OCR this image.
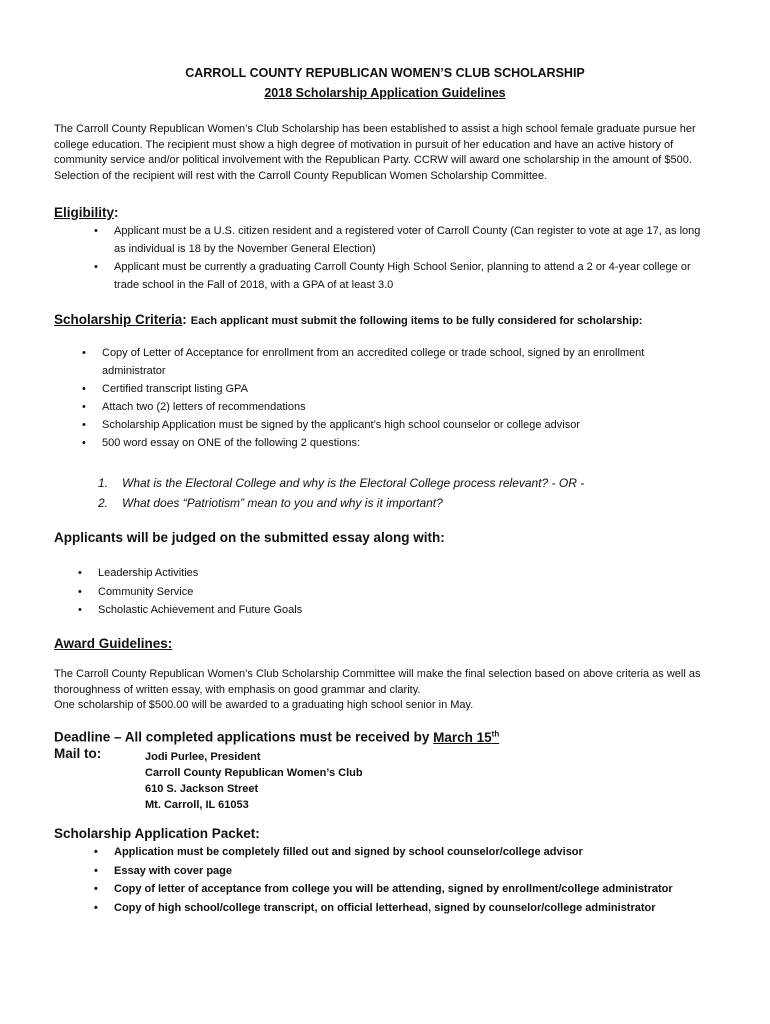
CARROLL COUNTY REPUBLICAN WOMEN’S CLUB SCHOLARSHIP
2018 Scholarship Application Guidelines

The Carroll County Republican Women’s Club Scholarship has been established to assist a high school female graduate pursue her college education. The recipient must show a high degree of motivation in pursuit of her education and have an active history of community service and/or political involvement with the Republican Party. CCRW will award one scholarship in the amount of $500. Selection of the recipient will rest with the Carroll County Republican Women Scholarship Committee.

Eligibility:
• Applicant must be a U.S. citizen resident and a registered voter of Carroll County (Can register to vote at age 17, as long as individual is 18 by the November General Election)
• Applicant must be currently a graduating Carroll County High School Senior, planning to attend a 2 or 4-year college or trade school in the Fall of 2018, with a GPA of at least 3.0
Scholarship Criteria: Each applicant must submit the following items to be fully considered for scholarship:
• Copy of Letter of Acceptance for enrollment from an accredited college or trade school, signed by an enrollment administrator
• Certified transcript listing GPA
• Attach two (2) letters of recommendations
• Scholarship Application must be signed by the applicant’s high school counselor or college advisor
• 500 word essay on ONE of the following 2 questions:
1. What is the Electoral College and why is the Electoral College process relevant? - OR -
2. What does “Patriotism” mean to you and why is it important?
Applicants will be judged on the submitted essay along with:
• Leadership Activities
• Community Service
• Scholastic Achievement and Future Goals
Award Guidelines:

The Carroll County Republican Women’s Club Scholarship Committee will make the final selection based on above criteria as well as thoroughness of written essay, with emphasis on good grammar and clarity.
One scholarship of $500.00 will be awarded to a graduating high school senior in May.

Deadline – All completed applications must be received by March 15th
Mail to:	Jodi Purlee, President
Carroll County Republican Women’s Club
610 S. Jackson Street
Mt. Carroll, IL 61053
Scholarship Application Packet:
• Application must be completely filled out and signed by school counselor/college advisor
• Essay with cover page
• Copy of letter of acceptance from college you will be attending, signed by enrollment/college administrator
• Copy of high school/college transcript, on official letterhead, signed by counselor/college administrator
